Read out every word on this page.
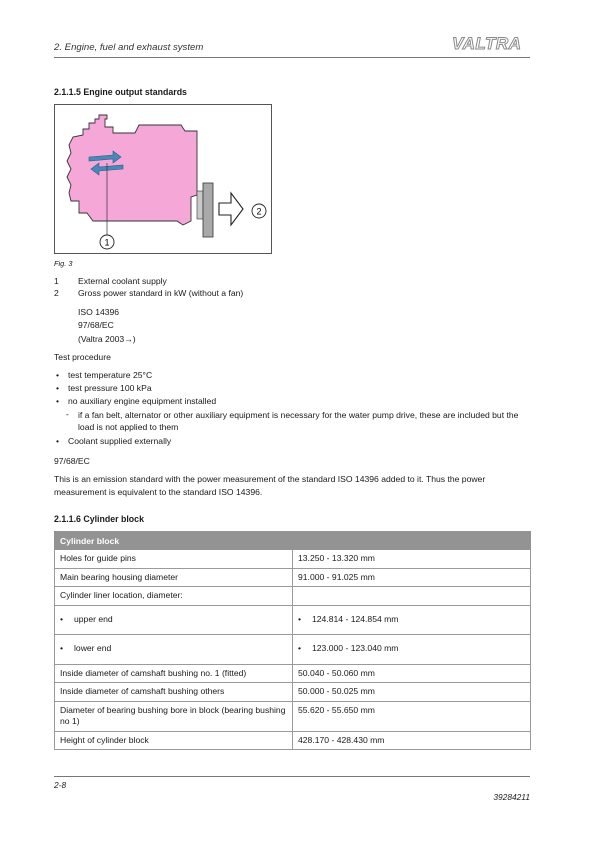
2. Engine, fuel and exhaust system	VALTRA
2.1.1.5 Engine output standards
1
2
Fig. 3
1 External coolant supply
2 Gross power standard in kW (without a fan)
ISO 14396
97/68/EC
(Valtra 2003→)
Test procedure
• test temperature 25°C
• test pressure 100 kPa
• no auxiliary engine equipment installed
- if a fan belt, alternator or other auxiliary equipment is necessary for the water pump drive, these are included but the load is not applied to them
• Coolant supplied externally
97/68/EC
This is an emission standard with the power measurement of the standard ISO 14396 added to it. Thus the power measurement is equivalent to the standard ISO 14396.
2.1.1.6 Cylinder block
Cylinder block	
Holes for guide pins	13.250 - 13.320 mm
Main bearing housing diameter	91.000 - 91.025 mm
Cylinder liner location, diameter:	
• upper end	• 124.814 - 124.854 mm
• lower end	• 123.000 - 123.040 mm
Inside diameter of camshaft bushing no. 1 (fitted)	50.040 - 50.060 mm
Inside diameter of camshaft bushing others	50.000 - 50.025 mm
Diameter of bearing bushing bore in block (bearing bushing no 1)	55.620 - 55.650 mm
Height of cylinder block	428.170 - 428.430 mm
2-8
39284211
